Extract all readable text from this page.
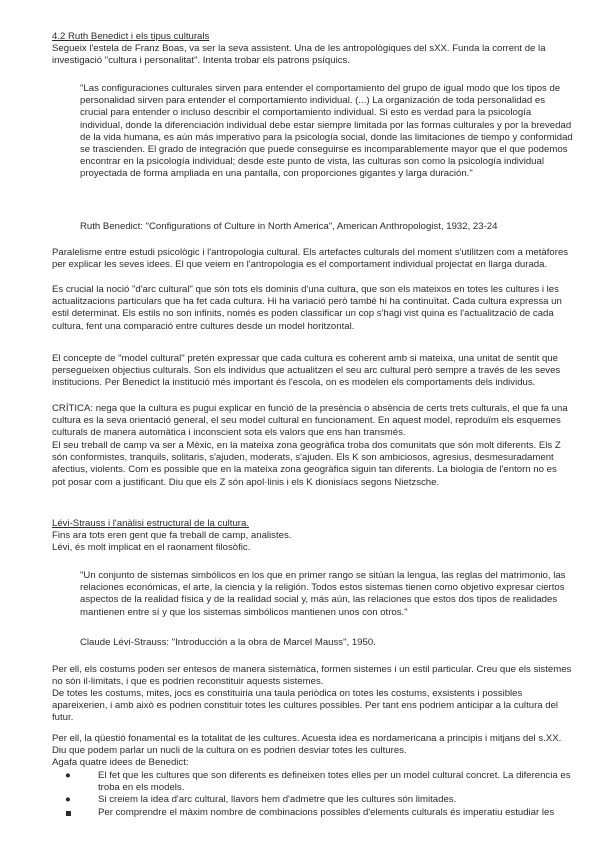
4.2 Ruth Benedict i els tipus culturals

Segueix l'estela de Franz Boas, va ser la seva assistent. Una de les antropològiques del sXX. Funda la corrent de la investigació "cultura i personalitat". Intenta trobar els patrons psíquics.

"Las configuraciones culturales sirven para entender el comportamiento del grupo de igual modo que los tipos de personalidad sirven para entender el comportamiento individual. (...) La organización de toda personalidad es crucial para entender o incluso describir el comportamiento individual. Si esto es verdad para la psicología individual, donde la diferenciación individual debe estar siempre limitada por las formas culturales y por la brevedad de la vida humana, es aún más imperativo para la psicología social, donde las limitaciones de tiempo y conformidad se trascienden. El grado de integración que puede conseguirse es incomparablemente mayor que el que podemos encontrar en la psicología individual; desde este punto de vista, las culturas son como la psicología individual proyectada de forma ampliada en una pantalla, con proporciones gigantes y larga duración."

Ruth Benedict: "Configurations of Culture in North America", American Anthropologist, 1932, 23-24

Paralelisme entre estudi psicològic i l'antropologia cultural. Els artefactes culturals del moment s'utilitzen com a metàfores per explicar les seves idees. El que veiem en l'antropologia es el comportament individual projectat en llarga durada.

Es crucial la noció "d'arc cultural" que són tots els dominis d'una cultura, que son els mateixos en totes les cultures i les actualitzacions particulars que ha fet cada cultura. Hi ha variació però també hi ha continuïtat. Cada cultura expressa un estil determinat. Els estils no son infinits, només es poden classificar un cop s'hagi vist quina es l'actualització de cada cultura, fent una comparació entre cultures desde un model horitzontal.

El concepte de "model cultural" pretén expressar que cada cultura es coherent amb si mateixa, una unitat de sentit que persegueixen objectius culturals. Son els individus que actualitzen el seu arc cultural però sempre a través de les seves institucions. Per Benedict la institució més important és l'escola, on es modelen els comportaments dels individus.

CRÍTICA: nega que la cultura es pugui explicar en funció de la presència o absència de certs trets culturals, el que fa una cultura es la seva orientació general, el seu model cultural en funcionament. En aquest model, reproduïm els esquemes culturals de manera automàtica i inconscient sota els valors que ens han transmés.

El seu treball de camp va ser a Mèxic, en la mateixa zona geogràfica troba dos comunitats que són molt diferents. Els Z són conformistes, tranquils, solitaris, s'ajuden, moderats, s'ajuden. Els K son ambiciosos, agresius, desmesuradament afectius, violents. Com es possible que en la mateixa zona geogràfica siguin tan diferents. La biologia de l'entorn no es pot posar com a justificant. Diu que els Z són apol·linis i els K dionisíacs segons Nietzsche.

Lévi-Strauss i l'anàlisi estructural de la cultura.

Fins ara tots eren gent que fa treball de camp, analistes.

Lévi, és molt implicat en el raonament filosòfic.

"Un conjunto de sistemas simbólicos en los que en primer rango se sitúan la lengua, las reglas del matrimonio, las relaciones económicas, el arte, la ciencia y la religión. Todos estos sistemas tienen como objetivo expresar ciertos aspectos de la realidad física y de la realidad social y, más aún, las relaciones que estos dos tipos de realidades mantienen entre sí y que los sistemas simbólicos mantienen unos con otros."

Claude Lévi-Strauss: "Introducción a la obra de Marcel Mauss", 1950.

Per ell, els costums poden ser entesos de manera sistemàtica, formen sistemes i un estil particular. Creu que els sistemes no són il·limitats, i que es podrien reconstituir aquests sistemes.

De totes les costums, mites, jocs es constituiria una taula periòdica on totes les costums, exsistents i possibles apareixerien, i amb això es podrien constituir totes les cultures possibles. Per tant ens podriem anticipar a la cultura del futur.

Per ell, la qüestió fonamental es la totalitat de les cultures. Acuesta idea es nordamericana a principis i mitjans del s.XX. Diu que podem parlar un nucli de la cultura on es podrien desviar totes les cultures.

Agafa quatre idees de Benedict:

●	El fet que les cultures que son diferents es defineixen totes elles per un model cultural concret. La diferencia es troba en els models.
●	Si creiem la idea d'arc cultural, llavors hem d'admetre que les cultures són limitades.
Per comprendre el màxim nombre de combinacions possibles d'elements culturals és imperatiu estudiar les
